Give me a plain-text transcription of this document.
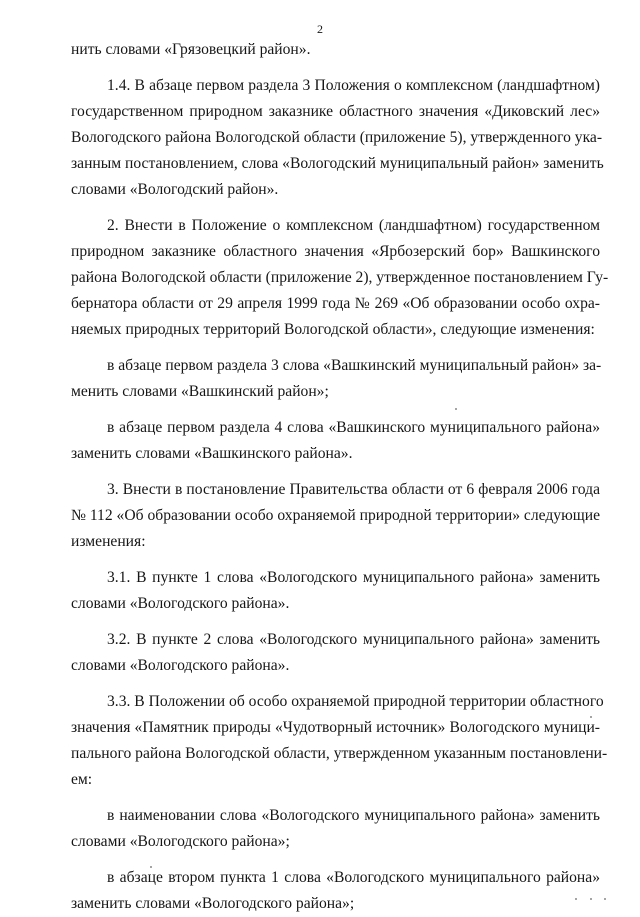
2

нить словами «Грязовецкий район».

1.4. В абзаце первом раздела 3 Положения о комплексном (ландшафтном)
государственном природном заказнике областного значения «Диковский лес»
Вологодского района Вологодской области (приложение 5), утвержденного ука-
занным постановлением, слова «Вологодский муниципальный район» заменить
словами «Вологодский район».

2. Внести в Положение о комплексном (ландшафтном) государственном
природном заказнике областного значения «Ярбозерский бор» Вашкинского
района Вологодской области (приложение 2), утвержденное постановлением Гу-
бернатора области от 29 апреля 1999 года № 269 «Об образовании особо охра-
няемых природных территорий Вологодской области», следующие изменения:

в абзаце первом раздела 3 слова «Вашкинский муниципальный район» за-
менить словами «Вашкинский район»;

в абзаце первом раздела 4 слова «Вашкинского муниципального района»
заменить словами «Вашкинского района».

3. Внести в постановление Правительства области от 6 февраля 2006 года
№ 112 «Об образовании особо охраняемой природной территории» следующие
изменения:

3.1. В пункте 1 слова «Вологодского муниципального района» заменить
словами «Вологодского района».

3.2. В пункте 2 слова «Вологодского муниципального района» заменить
словами «Вологодского района».

3.3. В Положении об особо охраняемой природной территории областного
значения «Памятник природы «Чудотворный источник» Вологодского муници-
пального района Вологодской области, утвержденном указанным постановлени-
ем:

в наименовании слова «Вологодского муниципального района» заменить
словами «Вологодского района»;

в абзаце втором пункта 1 слова «Вологодского муниципального района»
заменить словами «Вологодского района»;
